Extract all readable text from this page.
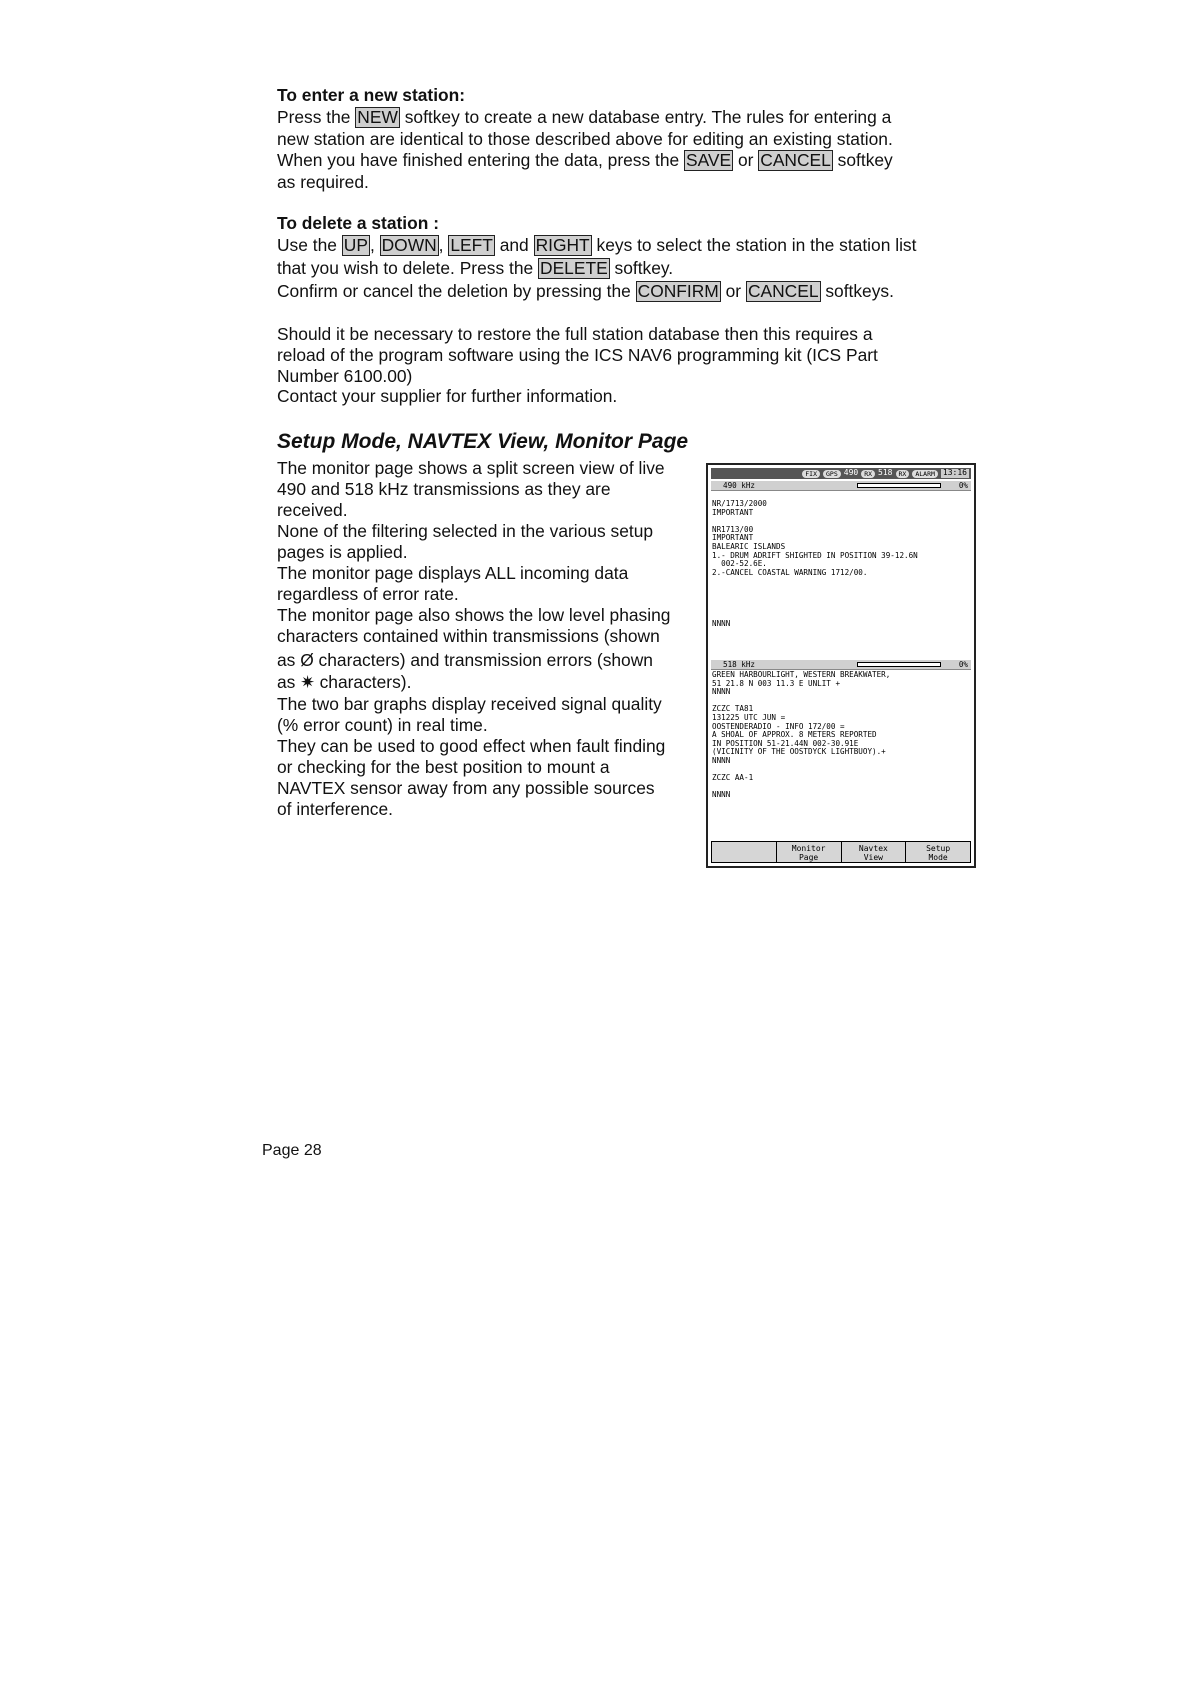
To enter a new station:
Press the NEW softkey to create a new database entry. The rules for entering a
new station are identical to those described above for editing an existing station.
When you have finished entering the data, press the SAVE or CANCEL softkey
as required.
To delete a station :
Use the UP , DOWN , LEFT and RIGHT keys to select the station in the station list
that you wish to delete. Press the DELETE softkey.
Confirm or cancel the deletion by pressing the CONFIRM or CANCEL softkeys.
Should it be necessary to restore the full station database then this requires a
reload of the program software using the ICS NAV6 programming kit (ICS Part
Number 6100.00)
Contact your supplier for further information.
Setup Mode, NAVTEX View, Monitor Page
The monitor page shows a split screen view of live
490 and 518 kHz transmissions as they are
received.
None of the filtering selected in the various setup
pages is applied.
The monitor page displays ALL incoming data
regardless of error rate.
The monitor page also shows the low level phasing
characters contained within transmissions (shown
as Ø characters) and transmission errors (shown
as ✷ characters).
The two bar graphs display received signal quality
(% error count) in real time.
They can be used to good effect when fault finding
or checking for the best position to mount a
NAVTEX sensor away from any possible sources
of interference.
FIX	GPS 490 RX 518 RX	ALARM	13:16
490 kHz	0%
NR/1713/2000
IMPORTANT

NR1713/00
IMPORTANT
BALEARIC ISLANDS
1.- DRUM ADRIFT SHIGHTED IN POSITION 39-12.6N
002-52.6E.
2.-CANCEL COASTAL WARNING 1712/00.

NNNN
518 kHz	0%
GREEN HARBOURLIGHT, WESTERN BREAKWATER,
51 21.8 N 003 11.3 E UNLIT +
NNNN

ZCZC TA81
131225 UTC JUN =
OOSTENDERADIO - INFO 172/00 =
A SHOAL OF APPROX. 8 METERS REPORTED
IN POSITION 51-21.44N 002-30.91E
(VICINITY OF THE OOSTDYCK LIGHTBUOY).+
NNNN

ZCZC AA-1

NNNN
Monitor
Page
Navtex
View
Setup
Mode
Page 28
